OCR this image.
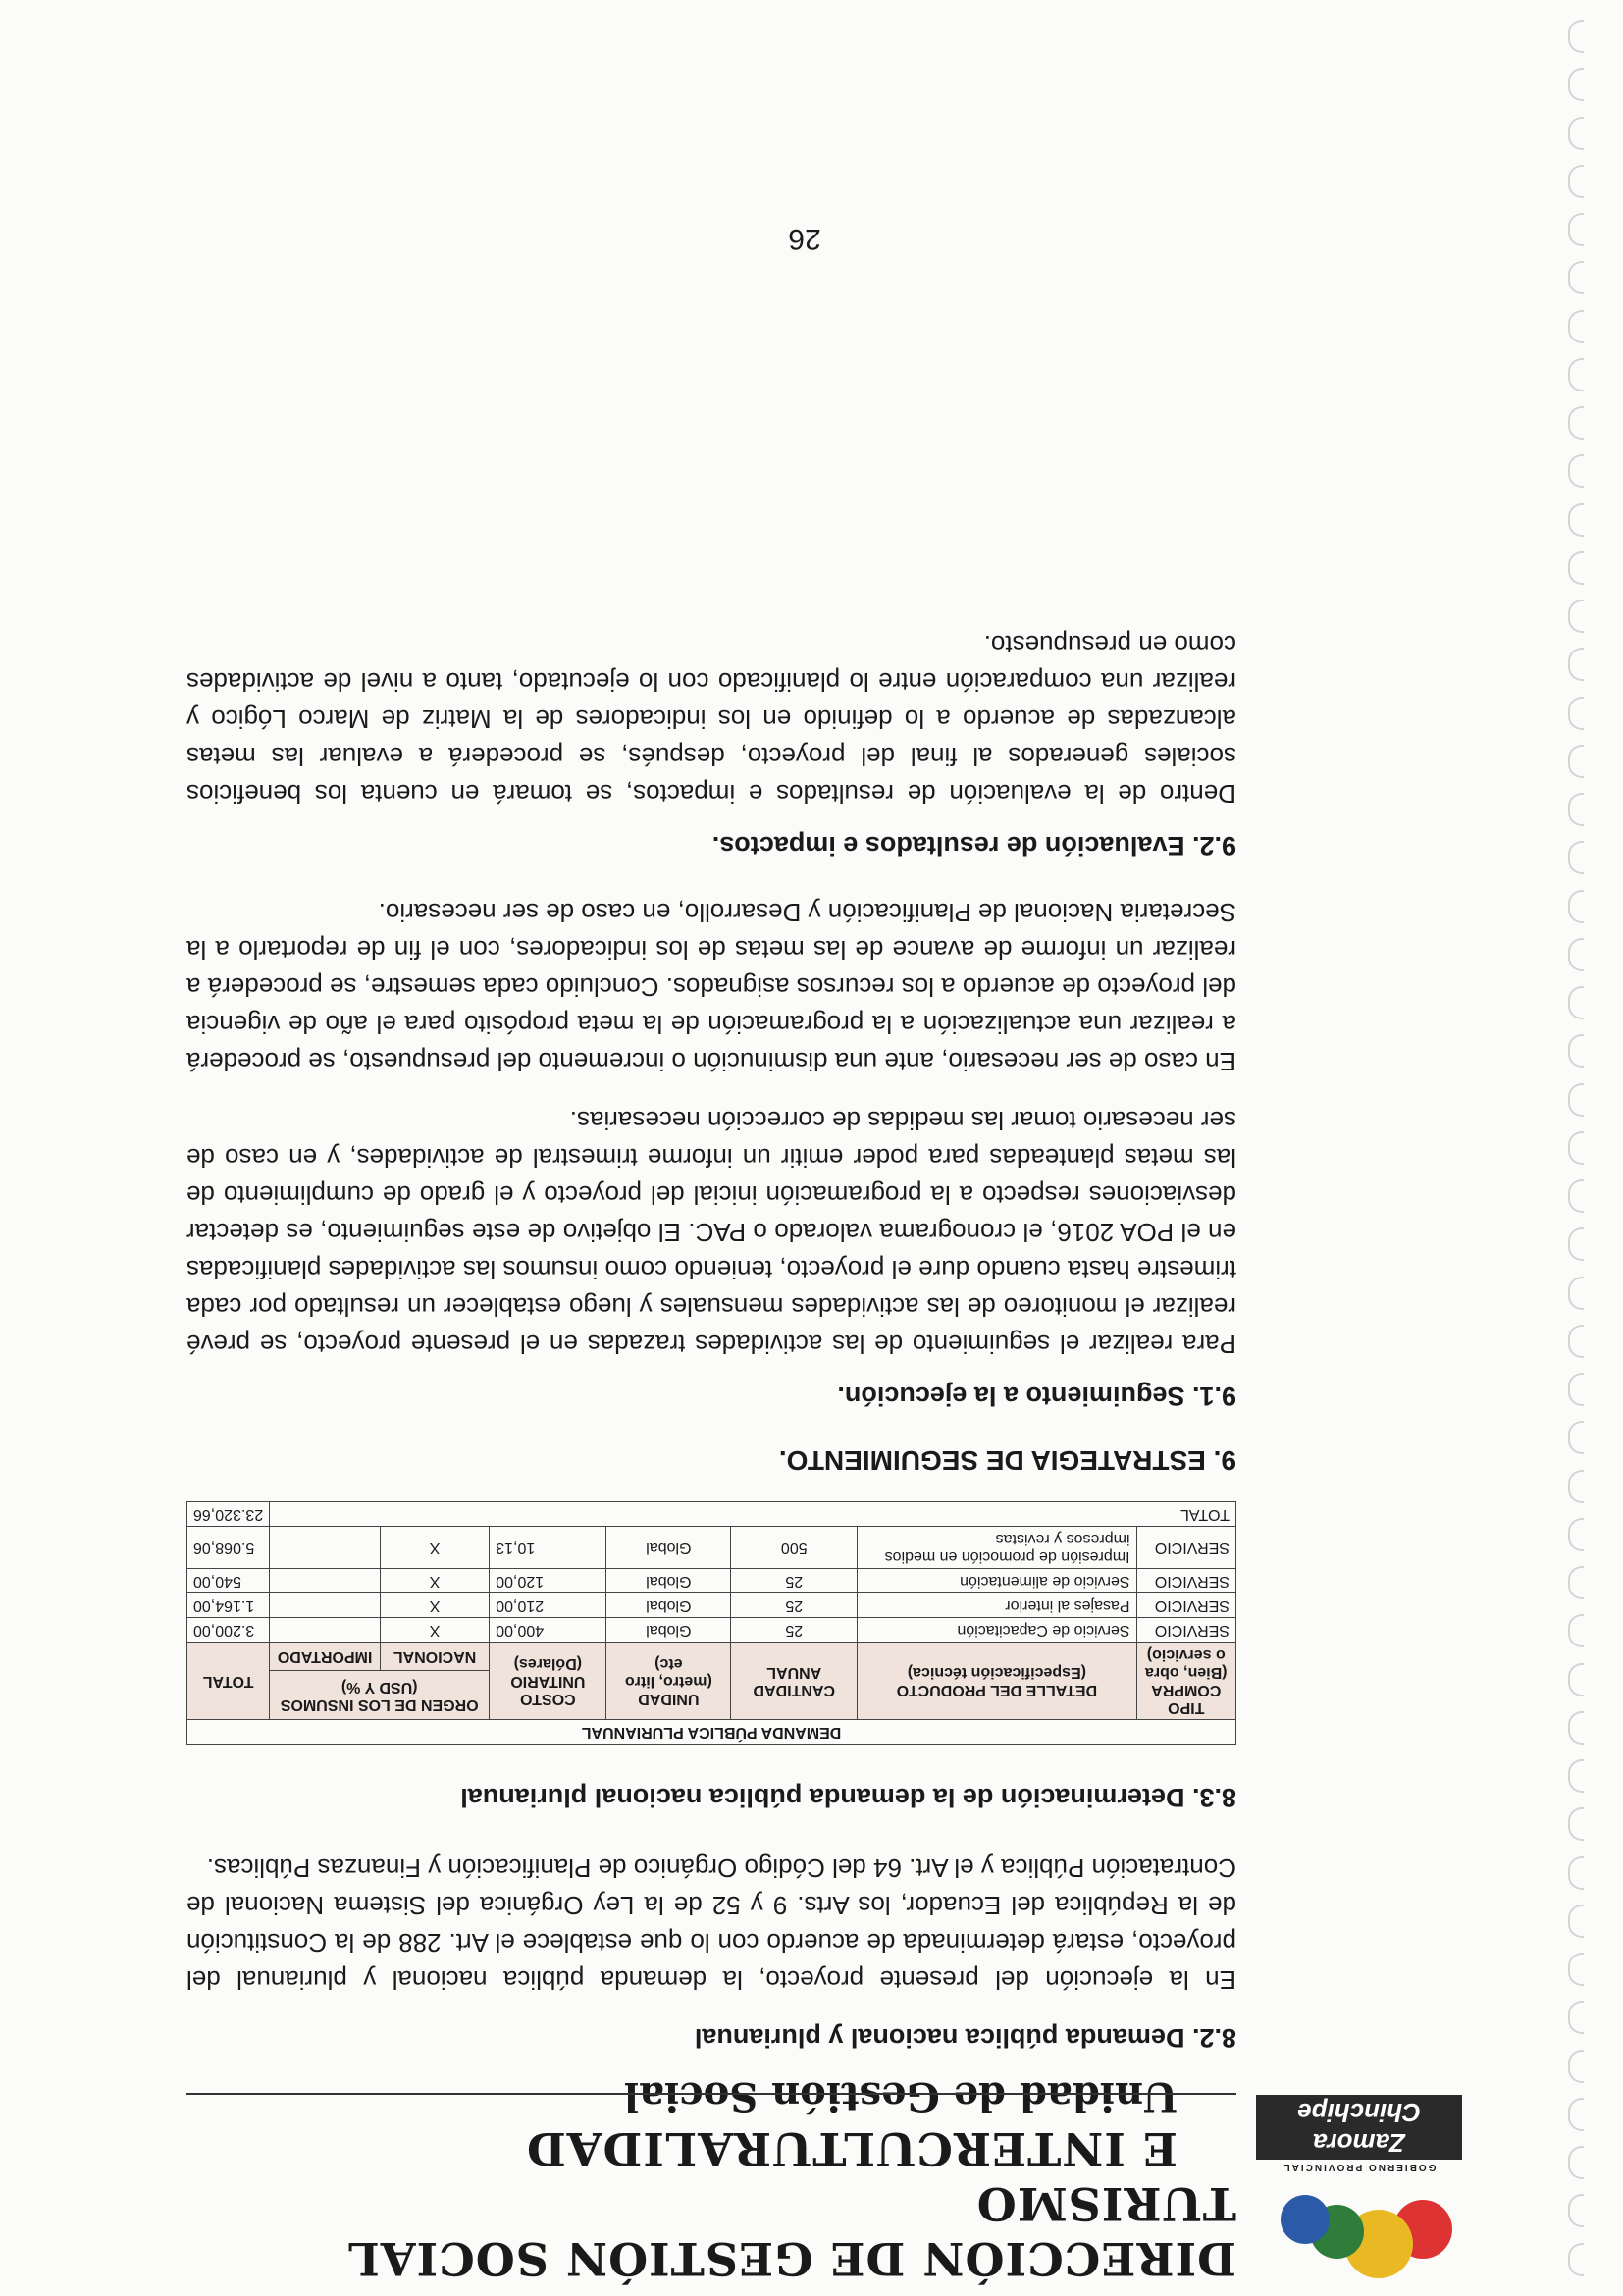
GOBIERNO PROVINCIAL
Zamora Chinchipe
DIRECCIÓN DE GESTIÓN SOCIAL TURISMO
E INTERCULTURALIDAD
Unidad de Gestión Social
8.2. Demanda pública nacional y plurianual

En la ejecución del presente proyecto, la demanda pública nacional y plurianual del proyecto, estará determinada de acuerdo con lo que establece el Art. 288 de la Constitución de la República del Ecuador, los Arts. 9 y 52 de la Ley Orgánica del Sistema Nacional de Contratación Pública y el Art. 64 del Código Orgánico de Planificación y Finanzas Públicas.

8.3. Determinación de la demanda pública nacional plurianual
DEMANDA PÚBLICA PLURIANUAL							
TIPO COMPRA (Bien, obra o servicio)	DETALLE DEL PRODUCTO (Especificación técnica)	CANTIDAD ANUAL	UNIDAD (metro, litro etc)	COSTO UNITARIO (Dólares)	ORGEN DE LOS INSUMOS (USD Y %)		TOTAL
					NACIONAL	IMPORTADO	
SERVICIO	Servicio de Capacitación	25	Global	400,00	X		3.200,00
SERVICIO	Pasajes al interior	25	Global	210,00	X		1.164,00
SERVICIO	Servicio de alimentación	25	Global	120,00	X		540,00
SERVICIO	Impresión de promoción en medios impresos y revistas	500	Global	10,13	X		5.068,06
TOTAL							23.320,66
9. ESTRATEGIA DE SEGUIMIENTO.
9.1. Seguimiento a la ejecución.

Para realizar el seguimiento de las actividades trazadas en el presente proyecto, se prevé realizar el monitoreo de las actividades mensuales y luego establecer un resultado por cada trimestre hasta cuando dure el proyecto, teniendo como insumos las actividades planificadas en el POA 2016, el cronograma valorado o PAC. El objetivo de este seguimiento, es detectar desviaciones respecto a la programación inicial del proyecto y el grado de cumplimiento de las metas planteadas para poder emitir un informe trimestral de actividades, y en caso de ser necesario tomar las medidas de corrección necesarias.

En caso de ser necesario, ante una disminución o incremento del presupuesto, se procederá a realizar una actualización a la programación de la meta propósito para el año de vigencia del proyecto de acuerdo a los recursos asignados. Concluido cada semestre, se procederá a realizar un informe de avance de las metas de los indicadores, con el fin de reportarlo a la Secretaria Nacional de Planificación y Desarrollo, en caso de ser necesario.

9.2. Evaluación de resultados e impactos.

Dentro de la evaluación de resultados e impactos, se tomará en cuenta los beneficios sociales generados al final del proyecto, después, se procederá a evaluar las metas alcanzadas de acuerdo a lo definido en los indicadores de la Matriz de Marco Lógico y realizar una comparación entre lo planificado con lo ejecutado, tanto a nivel de actividades como en presupuesto.

26
